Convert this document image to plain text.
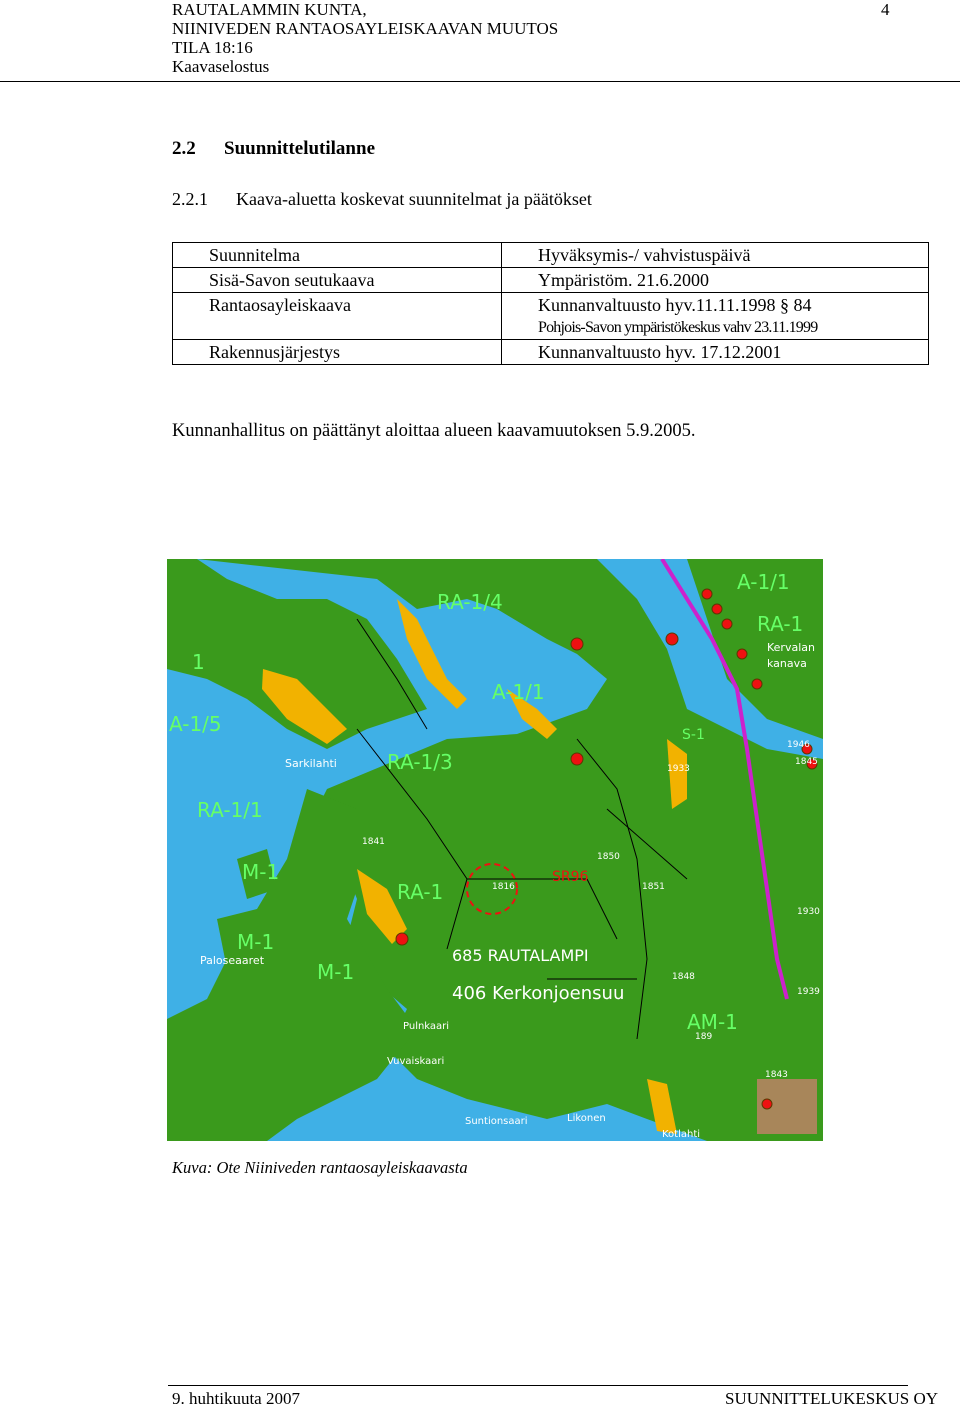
RAUTALAMMIN KUNTA,
NIINIVEDEN RANTAOSAYLEISKAAVAN MUUTOS
TILA 18:16
Kaavaselostus
4
2.2 Suunnittelutilanne
2.2.1 Kaava-aluetta koskevat suunnitelmat ja päätökset
Suunnitelma	Hyväksymis-/ vahvistuspäivä
Sisä-Savon seutukaava	Ympäristöm. 21.6.2000
Rantaosayleiskaava	Kunnanvaltuusto hyv.11.11.1998 § 84
Pohjois-Savon ympäristökeskus vahv 23.11.1999

Rakennusjärjestys	Kunnanvaltuusto hyv. 17.12.2001
Kunnanhallitus on päättänyt aloittaa alueen kaavamuutoksen 5.9.2005.
RA-1/4
RA-1
A-1/1
A-1/5
1
A-1/1
RA-1/3
RA-1/1
M-1
M-1
M-1
RA-1
AM-1
S-1
SR96
685 RAUTALAMPI
406 Kerkonjoensuu
Sarkilahti
Paloseaaret
Kervalan
kanava
Suntionsaari	Likonen
Pulnkaari
Vuvaiskaari
Kotlahti
1816
1850
1851
1848
1841
1933
1930
1843
1845
1946
189
1939
Kuva: Ote Niiniveden rantaosayleiskaavasta
9. huhtikuuta 2007	SUUNNITTELUKESKUS OY
